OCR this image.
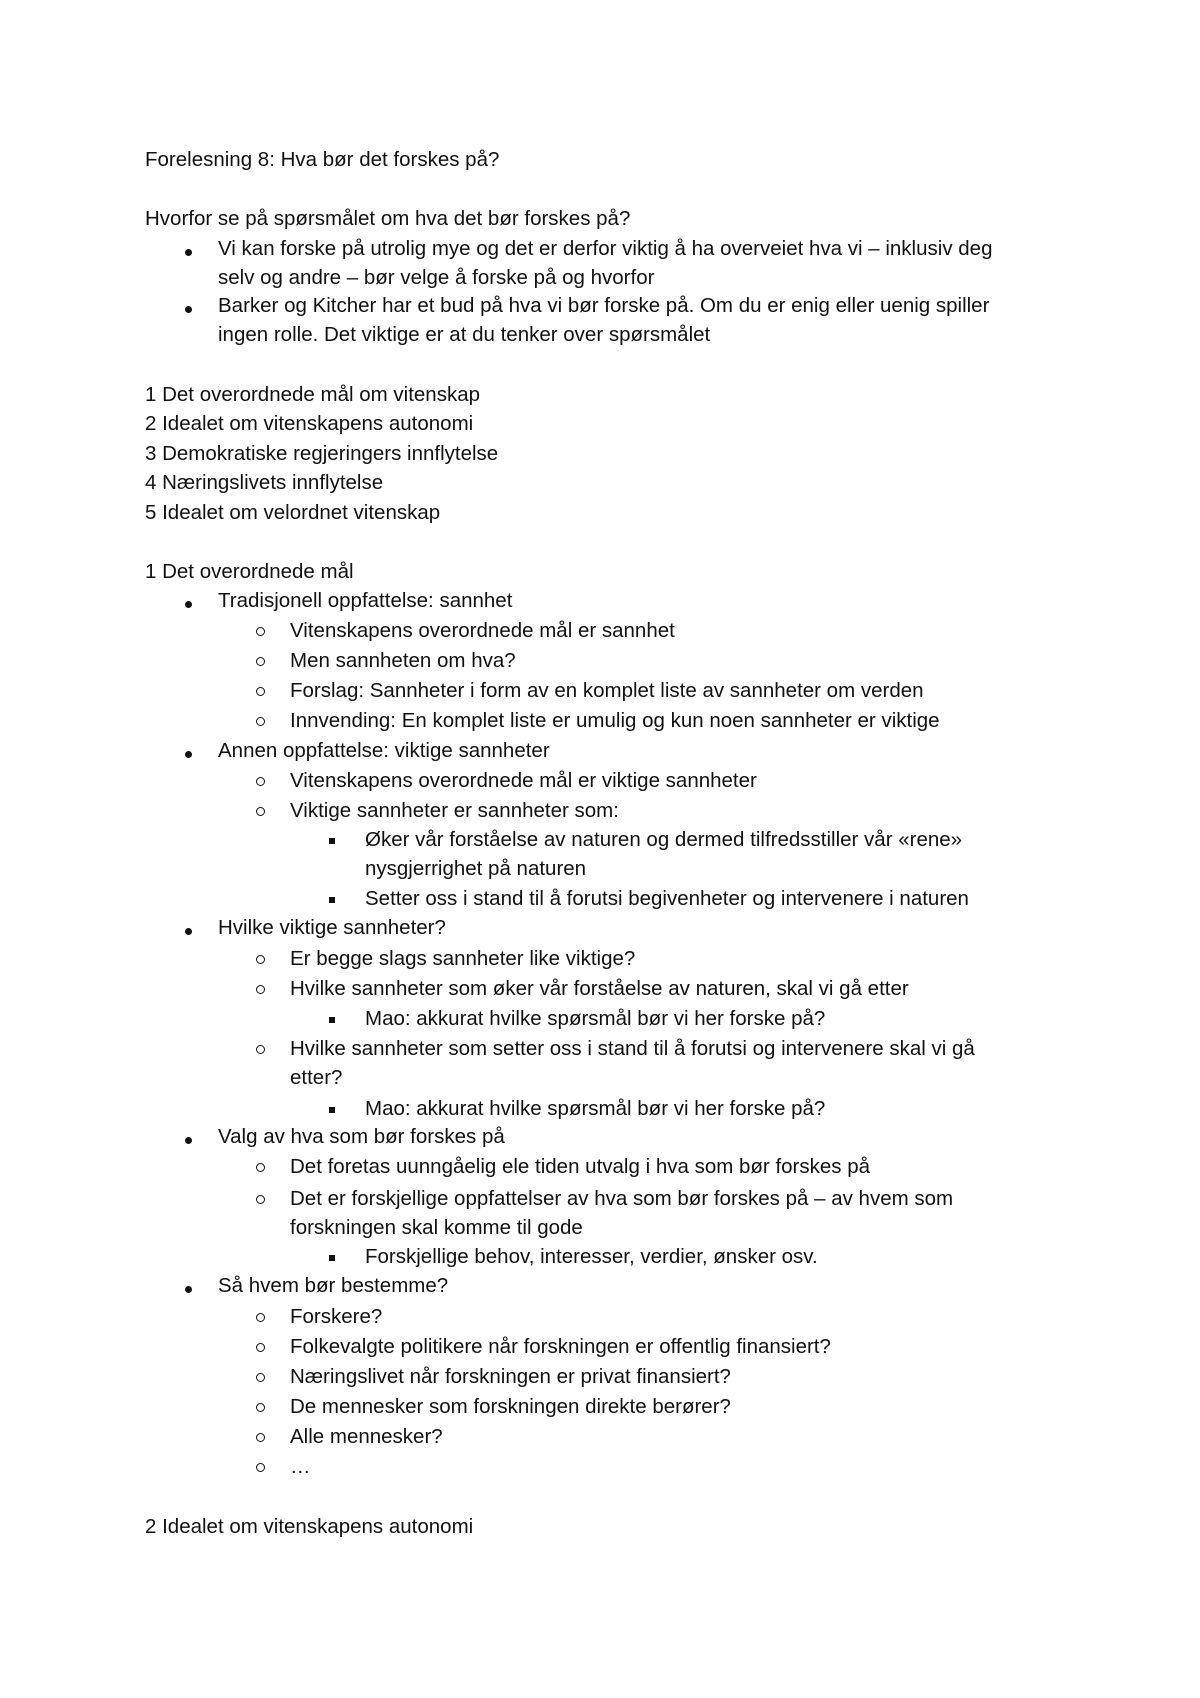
Forelesning 8: Hva bør det forskes på?
Hvorfor se på spørsmålet om hva det bør forskes på?
Vi kan forske på utrolig mye og det er derfor viktig å ha overveiet hva vi – inklusiv deg
selv og andre – bør velge å forske på og hvorfor
Barker og Kitcher har et bud på hva vi bør forske på. Om du er enig eller uenig spiller
ingen rolle. Det viktige er at du tenker over spørsmålet
1 Det overordnede mål om vitenskap
2 Idealet om vitenskapens autonomi
3 Demokratiske regjeringers innflytelse
4 Næringslivets innflytelse
5 Idealet om velordnet vitenskap
1 Det overordnede mål
Tradisjonell oppfattelse: sannhet
Vitenskapens overordnede mål er sannhet
Men sannheten om hva?
Forslag: Sannheter i form av en komplet liste av sannheter om verden
Innvending: En komplet liste er umulig og kun noen sannheter er viktige
Annen oppfattelse: viktige sannheter
Vitenskapens overordnede mål er viktige sannheter
Viktige sannheter er sannheter som:
Øker vår forståelse av naturen og dermed tilfredsstiller vår «rene»
nysgjerrighet på naturen
Setter oss i stand til å forutsi begivenheter og intervenere i naturen
Hvilke viktige sannheter?
Er begge slags sannheter like viktige?
Hvilke sannheter som øker vår forståelse av naturen, skal vi gå etter
Mao: akkurat hvilke spørsmål bør vi her forske på?
Hvilke sannheter som setter oss i stand til å forutsi og intervenere skal vi gå
etter?
Mao: akkurat hvilke spørsmål bør vi her forske på?
Valg av hva som bør forskes på
Det foretas uunngåelig ele tiden utvalg i hva som bør forskes på
Det er forskjellige oppfattelser av hva som bør forskes på – av hvem som
forskningen skal komme til gode
Forskjellige behov, interesser, verdier, ønsker osv.
Så hvem bør bestemme?
Forskere?
Folkevalgte politikere når forskningen er offentlig finansiert?
Næringslivet når forskningen er privat finansiert?
De mennesker som forskningen direkte berører?
Alle mennesker?
…
2 Idealet om vitenskapens autonomi
